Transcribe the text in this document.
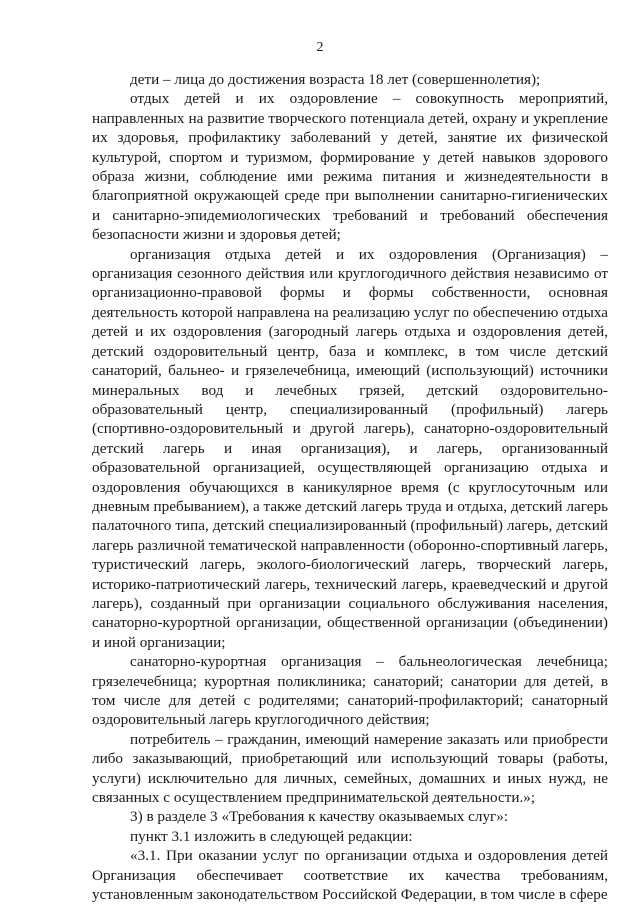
2

дети – лица до достижения возраста 18 лет (совершеннолетия);

отдых детей и их оздоровление – совокупность мероприятий, направленных на развитие творческого потенциала детей, охрану и укрепление их здоровья, профилактику заболеваний у детей, занятие их физической культурой, спортом и туризмом, формирование у детей навыков здорового образа жизни, соблюдение ими режима питания и жизнедеятельности в благоприятной окружающей среде при выполнении санитарно-гигиенических и санитарно-эпидемиологических требований и требований обеспечения безопасности жизни и здоровья детей;

организация отдыха детей и их оздоровления (Организация) – организация сезонного действия или круглогодичного действия независимо от организационно-правовой формы и формы собственности, основная деятельность которой направлена на реализацию услуг по обеспечению отдыха детей и их оздоровления (загородный лагерь отдыха и оздоровления детей, детский оздоровительный центр, база и комплекс, в том числе детский санаторий, бальнео- и грязелечебница, имеющий (использующий) источники минеральных вод и лечебных грязей, детский оздоровительно-образовательный центр, специализированный (профильный) лагерь (спортивно-оздоровительный и другой лагерь), санаторно-оздоровительный детский лагерь и иная организация), и лагерь, организованный образовательной организацией, осуществляющей организацию отдыха и оздоровления обучающихся в каникулярное время (с круглосуточным или дневным пребыванием), а также детский лагерь труда и отдыха, детский лагерь палаточного типа, детский специализированный (профильный) лагерь, детский лагерь различной тематической направленности (оборонно-спортивный лагерь, туристический лагерь, эколого-биологический лагерь, творческий лагерь, историко-патриотический лагерь, технический лагерь, краеведческий и другой лагерь), созданный при организации социального обслуживания населения, санаторно-курортной организации, общественной организации (объединении) и иной организации;

санаторно-курортная организация – бальнеологическая лечебница; грязелечебница; курортная поликлиника; санаторий; санатории для детей, в том числе для детей с родителями; санаторий-профилакторий; санаторный оздоровительный лагерь круглогодичного действия;

потребитель – гражданин, имеющий намерение заказать или приобрести либо заказывающий, приобретающий или использующий товары (работы, услуги) исключительно для личных, семейных, домашних и иных нужд, не связанных с осуществлением предпринимательской деятельности.»;

3) в разделе 3 «Требования к качеству оказываемых слуг»:

пункт 3.1 изложить в следующей редакции:

«3.1. При оказании услуг по организации отдыха и оздоровления детей Организация обеспечивает соответствие их качества требованиям, установленным законодательством Российской Федерации, в том числе в сфере
